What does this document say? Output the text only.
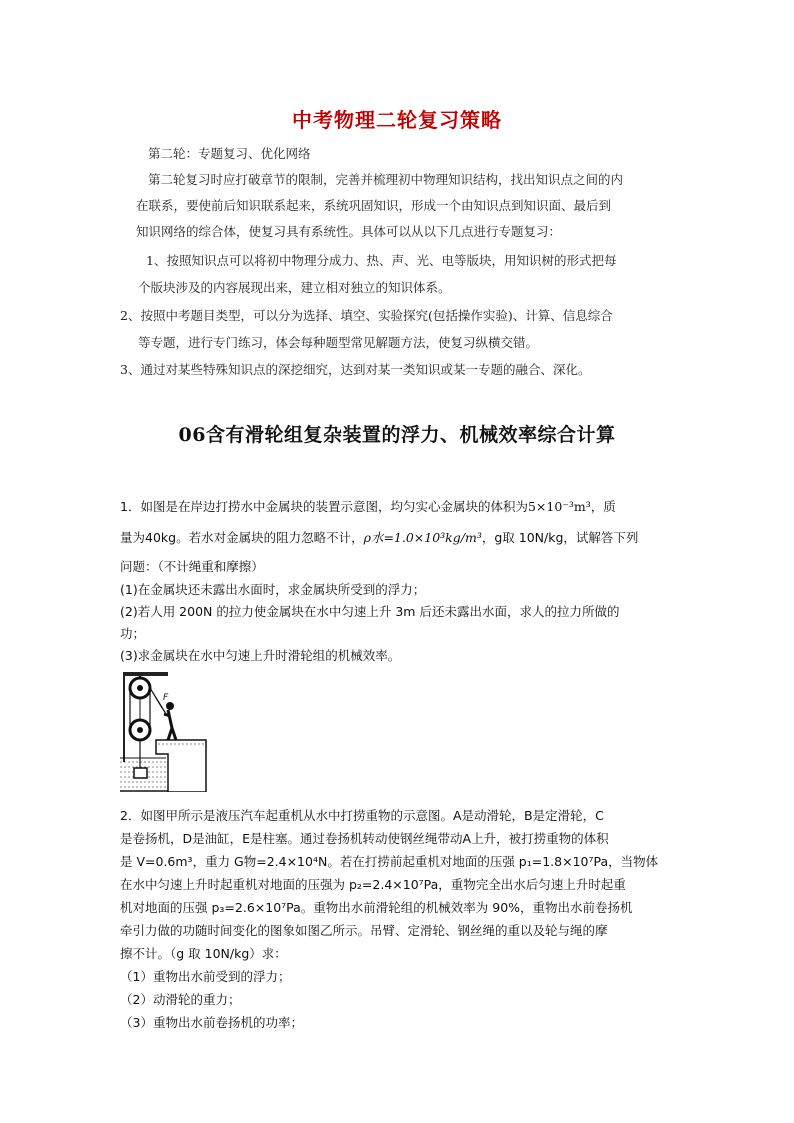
中考物理二轮复习策略
第二轮：专题复习、优化网络
第二轮复习时应打破章节的限制，完善并梳理初中物理知识结构，找出知识点之间的内
在联系，要使前后知识联系起来，系统巩固知识，形成一个由知识点到知识面、最后到
知识网络的综合体，使复习具有系统性。具体可以从以下几点进行专题复习：
1、按照知识点可以将初中物理分成力、热、声、光、电等版块，用知识树的形式把每
个版块涉及的内容展现出来，建立相对独立的知识体系。
2、按照中考题目类型，可以分为选择、填空、实验探究(包括操作实验)、计算、信息综合
等专题，进行专门练习，体会每种题型常见解题方法，使复习纵横交错。
3、通过对某些特殊知识点的深挖细究，达到对某一类知识或某一专题的融合、深化。
06含有滑轮组复杂装置的浮力、机械效率综合计算
1．如图是在岸边打捞水中金属块的装置示意图，均匀实心金属块的体积为5×10⁻³m³，质
量为40kg。若水对金属块的阻力忽略不计，ρ水=1.0×10³kg/m³，g取 10N/kg，试解答下列
问题：（不计绳重和摩擦）
(1)在金属块还未露出水面时，求金属块所受到的浮力；
(2)若人用 200N 的拉力使金属块在水中匀速上升 3m 后还未露出水面，求人的拉力所做的
功；
(3)求金属块在水中匀速上升时滑轮组的机械效率。
F
2．如图甲所示是液压汽车起重机从水中打捞重物的示意图。A是动滑轮，B是定滑轮，C
是卷扬机，D是油缸，E是柱塞。通过卷扬机转动使钢丝绳带动A上升，被打捞重物的体积
是 V=0.6m³，重力 G物=2.4×10⁴N。若在打捞前起重机对地面的压强 p₁=1.8×10⁷Pa，当物体
在水中匀速上升时起重机对地面的压强为 p₂=2.4×10⁷Pa，重物完全出水后匀速上升时起重
机对地面的压强 p₃=2.6×10⁷Pa。重物出水前滑轮组的机械效率为 90%，重物出水前卷扬机
牵引力做的功随时间变化的图象如图乙所示。吊臂、定滑轮、钢丝绳的重以及轮与绳的摩
擦不计。（g 取 10N/kg）求：
（1）重物出水前受到的浮力；
（2）动滑轮的重力；
（3）重物出水前卷扬机的功率；
